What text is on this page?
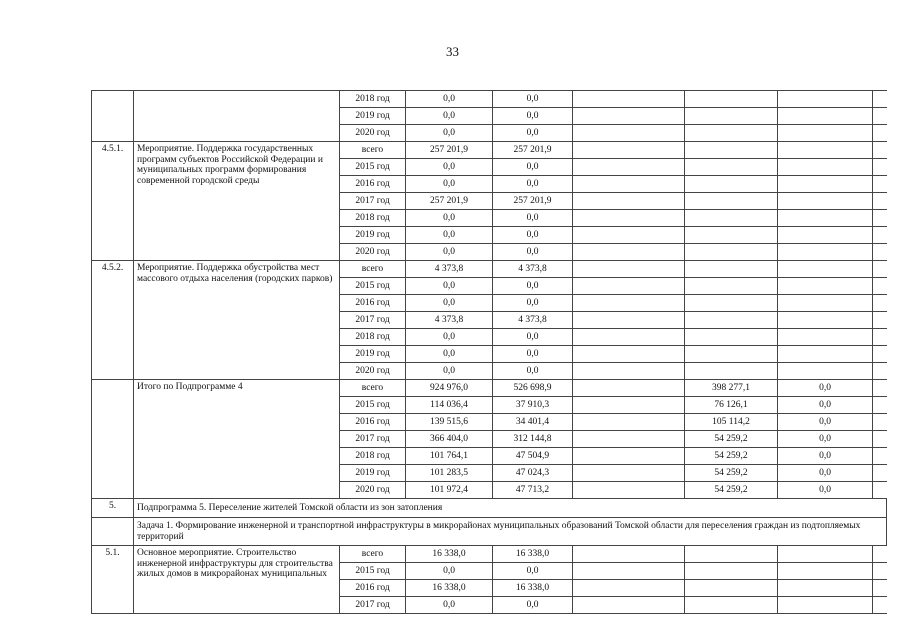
33
		2018 год	0,0	0,0				
		2019 год	0,0	0,0				
		2020 год	0,0	0,0				
4.5.1.	Мероприятие. Поддержка государственных программ субъектов Российской Федерации и муниципальных программ формирования современной городской среды	всего	257 201,9	257 201,9				
		2015 год	0,0	0,0				
		2016 год	0,0	0,0				
		2017 год	257 201,9	257 201,9				
		2018 год	0,0	0,0				
		2019 год	0,0	0,0				
		2020 год	0,0	0,0				
4.5.2.	Мероприятие. Поддержка обустройства мест массового отдыха населения (городских парков)	всего	4 373,8	4 373,8				
		2015 год	0,0	0,0				
		2016 год	0,0	0,0				
		2017 год	4 373,8	4 373,8				
		2018 год	0,0	0,0				
		2019 год	0,0	0,0				
		2020 год	0,0	0,0				
	Итого по Подпрограмме 4	всего	924 976,0	526 698,9		398 277,1	0,0	
		2015 год	114 036,4	37 910,3		76 126,1	0,0	
		2016 год	139 515,6	34 401,4		105 114,2	0,0	
		2017 год	366 404,0	312 144,8		54 259,2	0,0	
		2018 год	101 764,1	47 504,9		54 259,2	0,0	
		2019 год	101 283,5	47 024,3		54 259,2	0,0	
		2020 год	101 972,4	47 713,2		54 259,2	0,0	
5.	Подпрограмма 5. Переселение жителей Томской области из зон затопления							
	Задача 1. Формирование инженерной и транспортной инфраструктуры в микрорайонах муниципальных образований Томской области для переселения граждан из подтопляемых территорий							
5.1.	Основное мероприятие. Строительство инженерной инфраструктуры для строительства жилых домов в микрорайонах муниципальных	всего	16 338,0	16 338,0				
		2015 год	0,0	0,0				
		2016 год	16 338,0	16 338,0				
		2017 год	0,0	0,0				
